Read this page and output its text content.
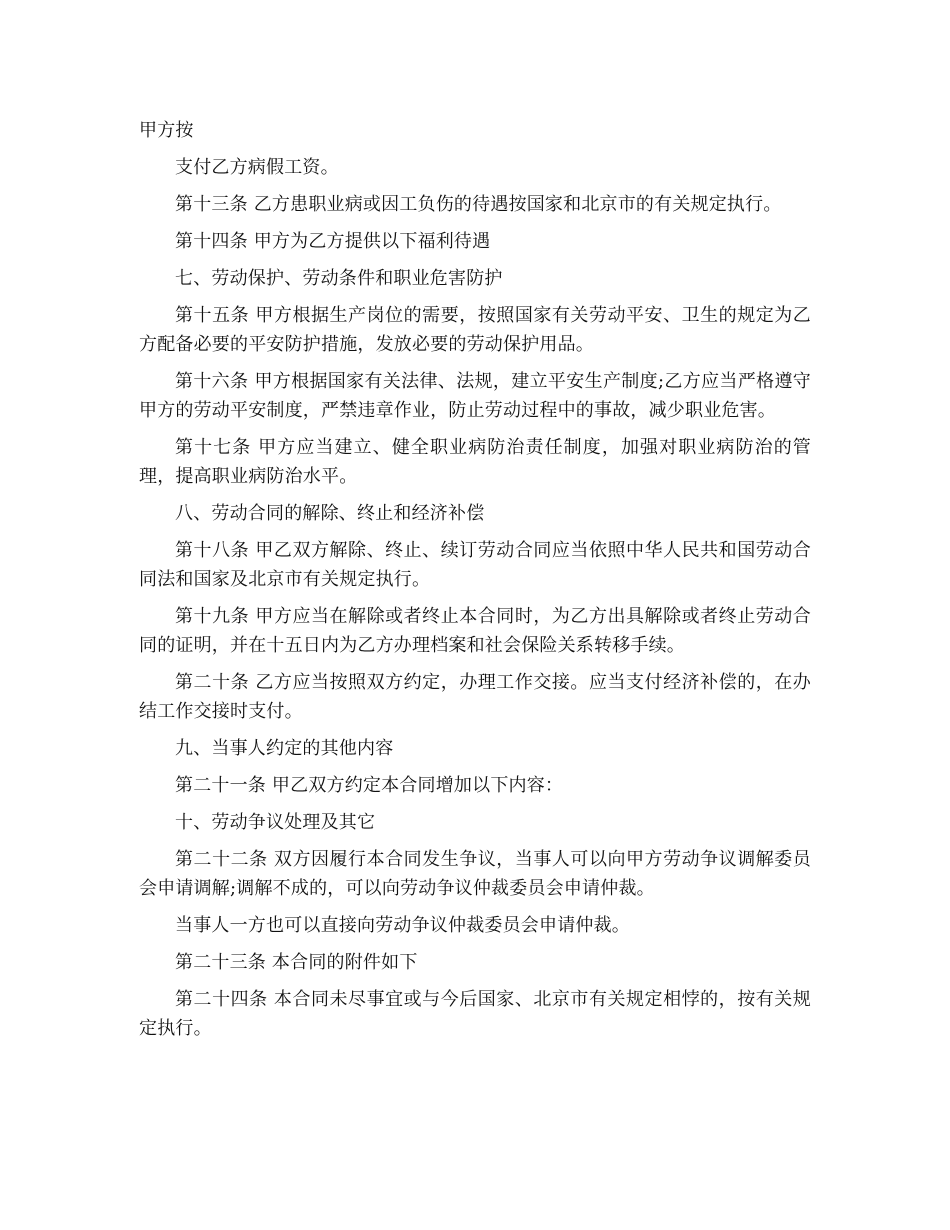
甲方按

支付乙方病假工资。

第十三条 乙方患职业病或因工负伤的待遇按国家和北京市的有关规定执行。

第十四条 甲方为乙方提供以下福利待遇

七、劳动保护、劳动条件和职业危害防护

第十五条 甲方根据生产岗位的需要，按照国家有关劳动平安、卫生的规定为乙方配备必要的平安防护措施，发放必要的劳动保护用品。

第十六条 甲方根据国家有关法律、法规，建立平安生产制度;乙方应当严格遵守甲方的劳动平安制度，严禁违章作业，防止劳动过程中的事故，减少职业危害。

第十七条 甲方应当建立、健全职业病防治责任制度，加强对职业病防治的管理，提高职业病防治水平。

八、劳动合同的解除、终止和经济补偿

第十八条 甲乙双方解除、终止、续订劳动合同应当依照中华人民共和国劳动合同法和国家及北京市有关规定执行。

第十九条 甲方应当在解除或者终止本合同时，为乙方出具解除或者终止劳动合同的证明，并在十五日内为乙方办理档案和社会保险关系转移手续。

第二十条 乙方应当按照双方约定，办理工作交接。应当支付经济补偿的，在办结工作交接时支付。

九、当事人约定的其他内容

第二十一条 甲乙双方约定本合同增加以下内容：

十、劳动争议处理及其它

第二十二条 双方因履行本合同发生争议，当事人可以向甲方劳动争议调解委员会申请调解;调解不成的，可以向劳动争议仲裁委员会申请仲裁。

当事人一方也可以直接向劳动争议仲裁委员会申请仲裁。

第二十三条 本合同的附件如下

第二十四条 本合同未尽事宜或与今后国家、北京市有关规定相悖的，按有关规定执行。
